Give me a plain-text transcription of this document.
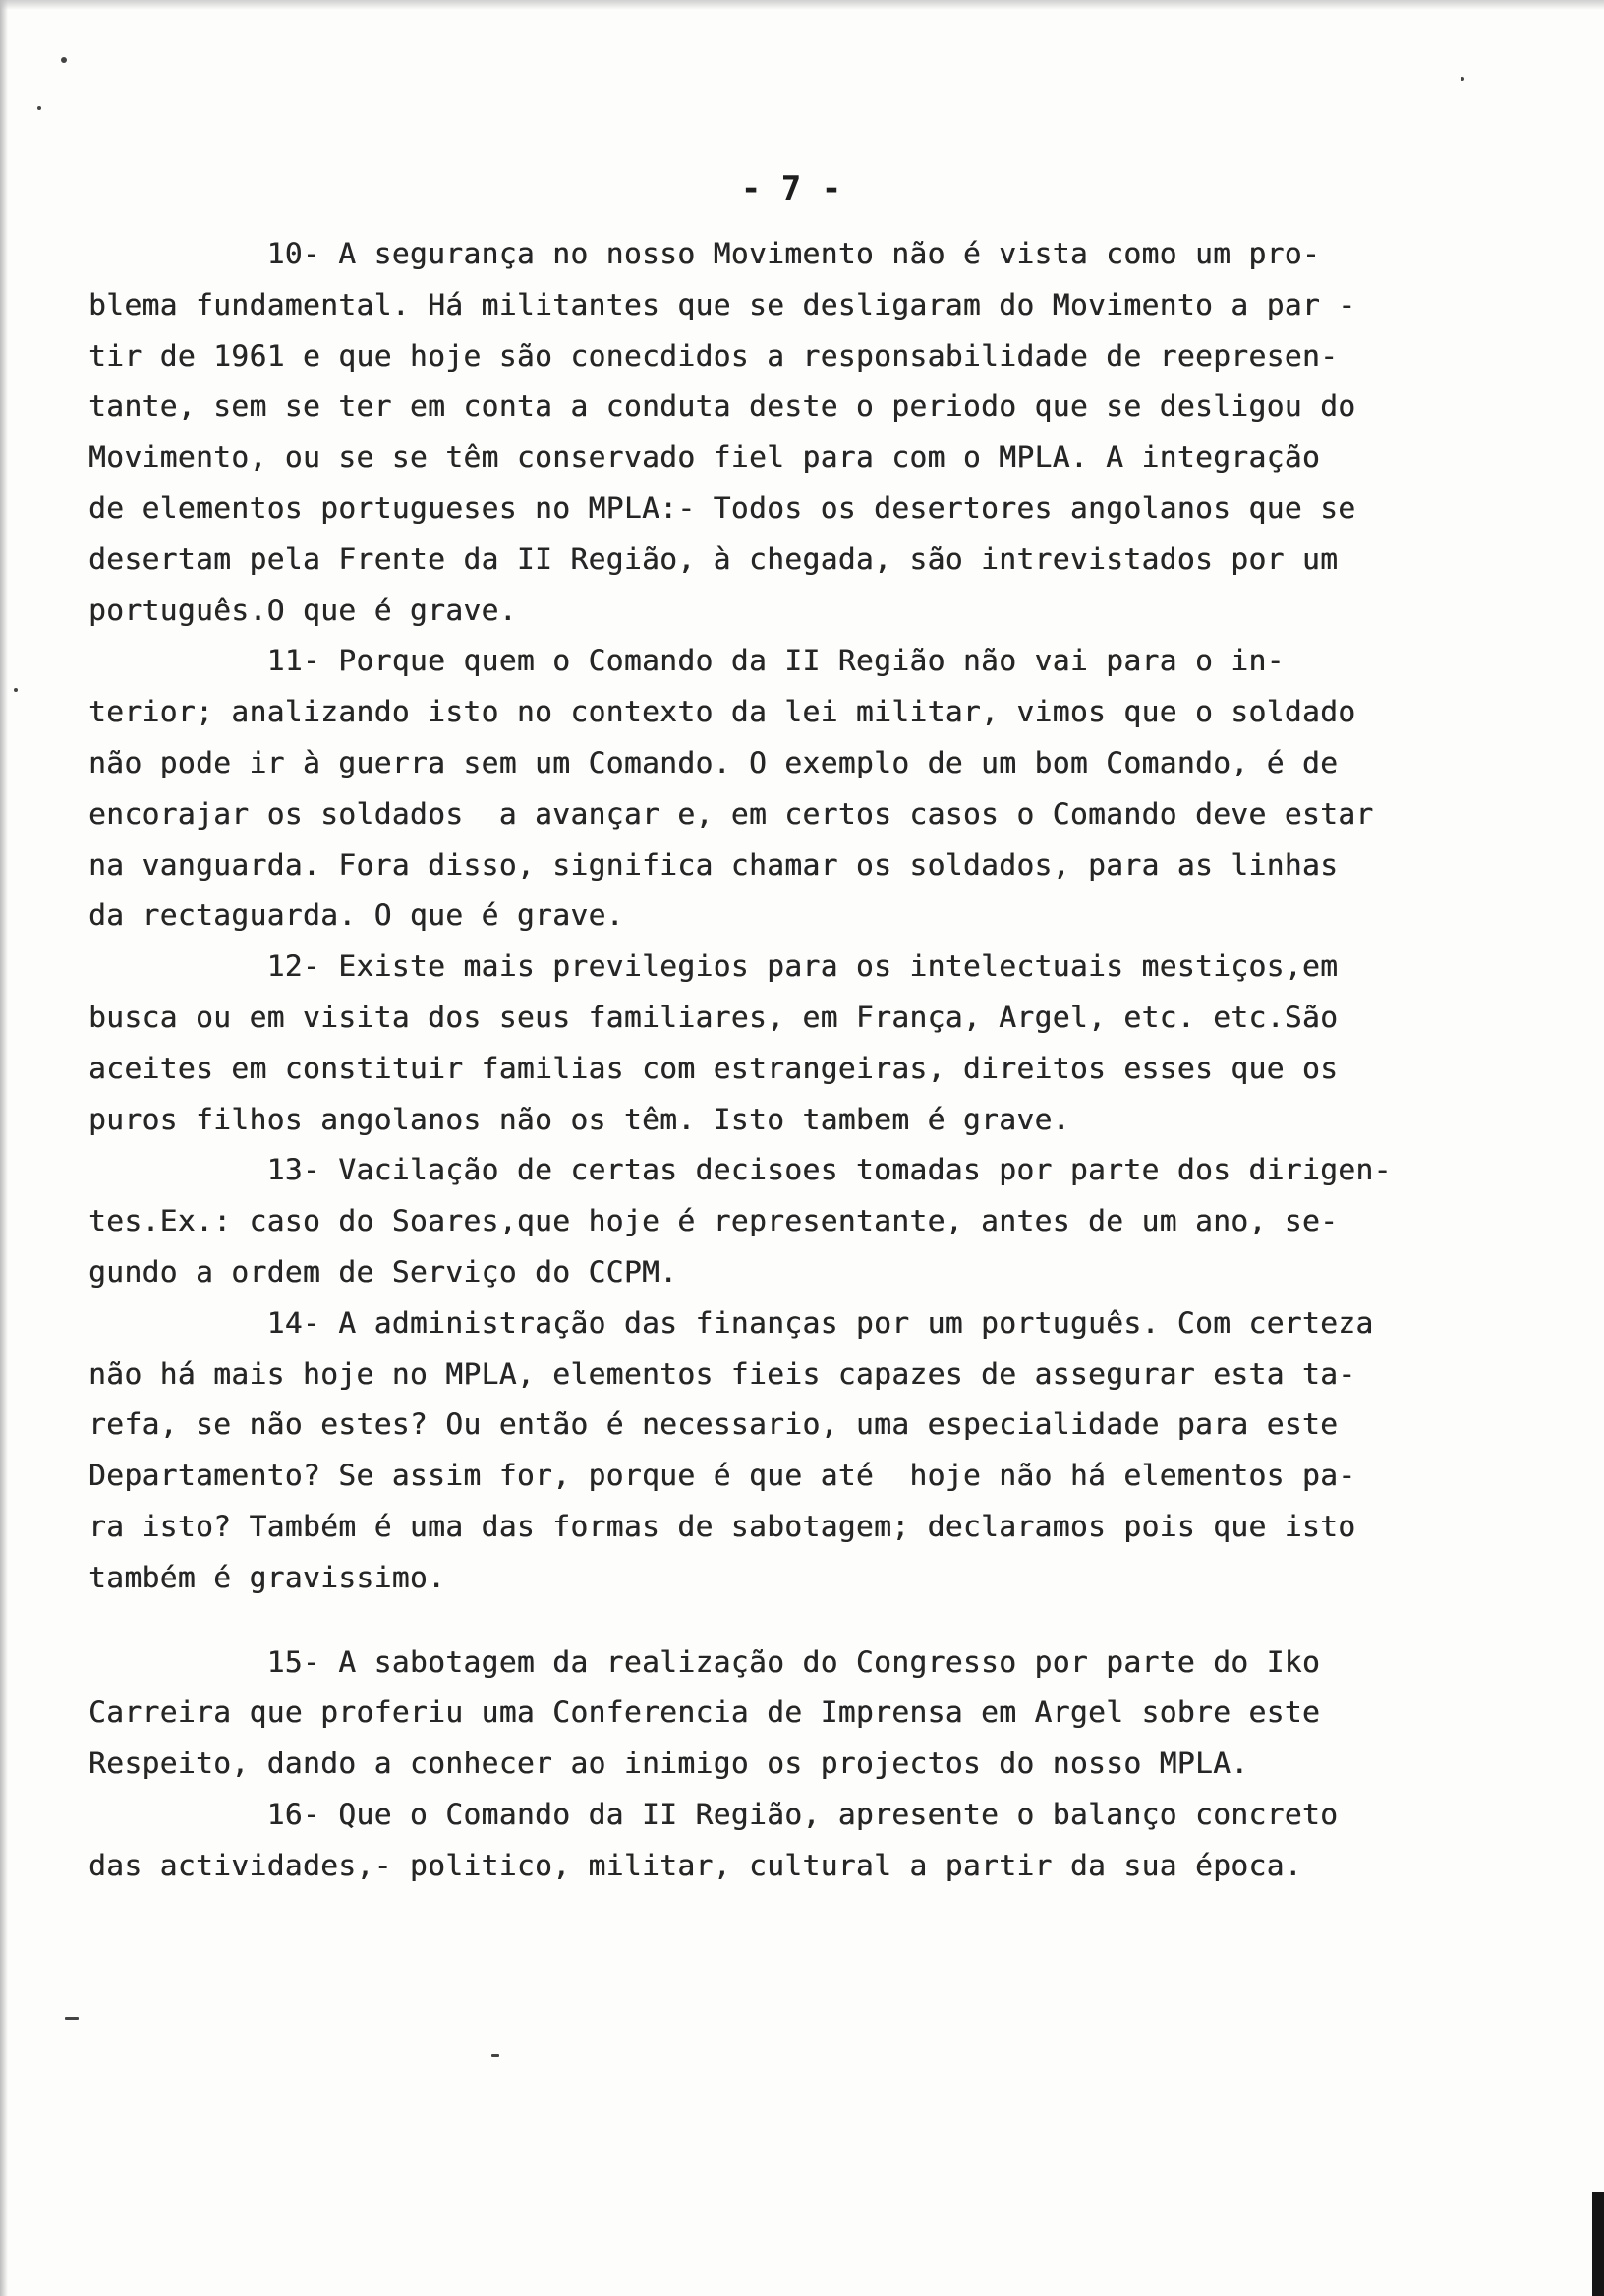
- 7 -

10- A segurança no nosso Movimento não é vista como um pro-

blema fundamental. Há militantes que se desligaram do Movimento a par -

tir de 1961 e que hoje são conecdidos a responsabilidade de reepresen-

tante, sem se ter em conta a conduta deste o periodo que se desligou do

Movimento, ou se se têm conservado fiel para com o MPLA. A integração

de elementos portugueses no MPLA:- Todos os desertores angolanos que se

desertam pela Frente da II Região, à chegada, são intrevistados por um

português.O que é grave.

11- Porque quem o Comando da II Região não vai para o in-

terior; analizando isto no contexto da lei militar, vimos que o soldado

não pode ir à guerra sem um Comando. O exemplo de um bom Comando, é de

encorajar os soldados  a avançar e, em certos casos o Comando deve estar

na vanguarda. Fora disso, significa chamar os soldados, para as linhas

da rectaguarda. O que é grave.

12- Existe mais previlegios para os intelectuais mestiços,em

busca ou em visita dos seus familiares, em França, Argel, etc. etc.São

aceites em constituir familias com estrangeiras, direitos esses que os

puros filhos angolanos não os têm. Isto tambem é grave.

13- Vacilação de certas decisoes tomadas por parte dos dirigen-

tes.Ex.: caso do Soares,que hoje é representante, antes de um ano, se-

gundo a ordem de Serviço do CCPM.

14- A administração das finanças por um português. Com certeza

não há mais hoje no MPLA, elementos fieis capazes de assegurar esta ta-

refa, se não estes? Ou então é necessario, uma especialidade para este

Departamento? Se assim for, porque é que até  hoje não há elementos pa-

ra isto? Também é uma das formas de sabotagem; declaramos pois que isto

também é gravissimo.

15- A sabotagem da realização do Congresso por parte do Iko

Carreira que proferiu uma Conferencia de Imprensa em Argel sobre este

Respeito, dando a conhecer ao inimigo os projectos do nosso MPLA.

16- Que o Comando da II Região, apresente o balanço concreto

das actividades,- politico, militar, cultural a partir da sua época.
